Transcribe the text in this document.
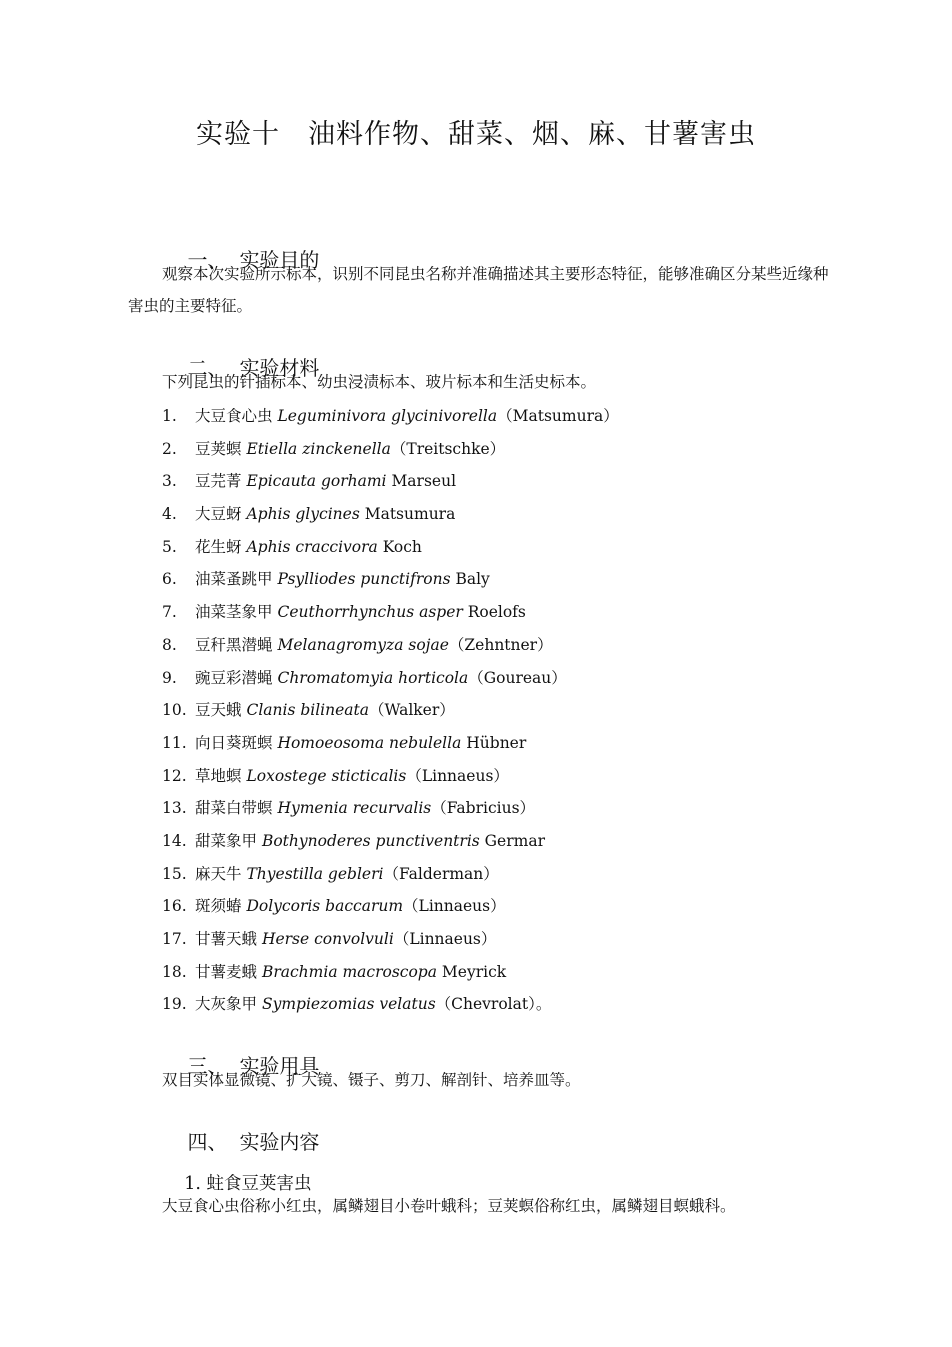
实验十　油料作物、甜菜、烟、麻、甘薯害虫

一、 实验目的

观察本次实验所示标本，识别不同昆虫名称并准确描述其主要形态特征，能够准确区分某些近缘种害虫的主要特征。

二、 实验材料

下列昆虫的针插标本、幼虫浸渍标本、玻片标本和生活史标本。
1. 大豆食心虫 Leguminivora glycinivorella（Matsumura）
2. 豆荚螟 Etiella zinckenella（Treitschke）
3. 豆芫菁 Epicauta gorhami Marseul
4. 大豆蚜 Aphis glycines Matsumura
5. 花生蚜 Aphis craccivora Koch
6. 油菜蚤跳甲 Psylliodes punctifrons Baly
7. 油菜茎象甲 Ceuthorrhynchus asper Roelofs
8. 豆秆黑潜蝇 Melanagromyza sojae（Zehntner）
9. 豌豆彩潜蝇 Chromatomyia horticola（Goureau）
10. 豆天蛾 Clanis bilineata（Walker）
11. 向日葵斑螟 Homoeosoma nebulella Hübner
12. 草地螟 Loxostege sticticalis（Linnaeus）
13. 甜菜白带螟 Hymenia recurvalis（Fabricius）
14. 甜菜象甲 Bothynoderes punctiventris Germar
15. 麻天牛 Thyestilla gebleri（Falderman）
16. 斑须蝽 Dolycoris baccarum（Linnaeus）
17. 甘薯天蛾 Herse convolvuli（Linnaeus）
18. 甘薯麦蛾 Brachmia macroscopa Meyrick
19. 大灰象甲 Sympiezomias velatus（Chevrolat）。

三、 实验用具

双目实体显微镜、扩大镜、镊子、剪刀、解剖针、培养皿等。

四、 实验内容

1. 蛀食豆荚害虫

大豆食心虫俗称小红虫，属鳞翅目小卷叶蛾科；豆荚螟俗称红虫，属鳞翅目螟蛾科。
